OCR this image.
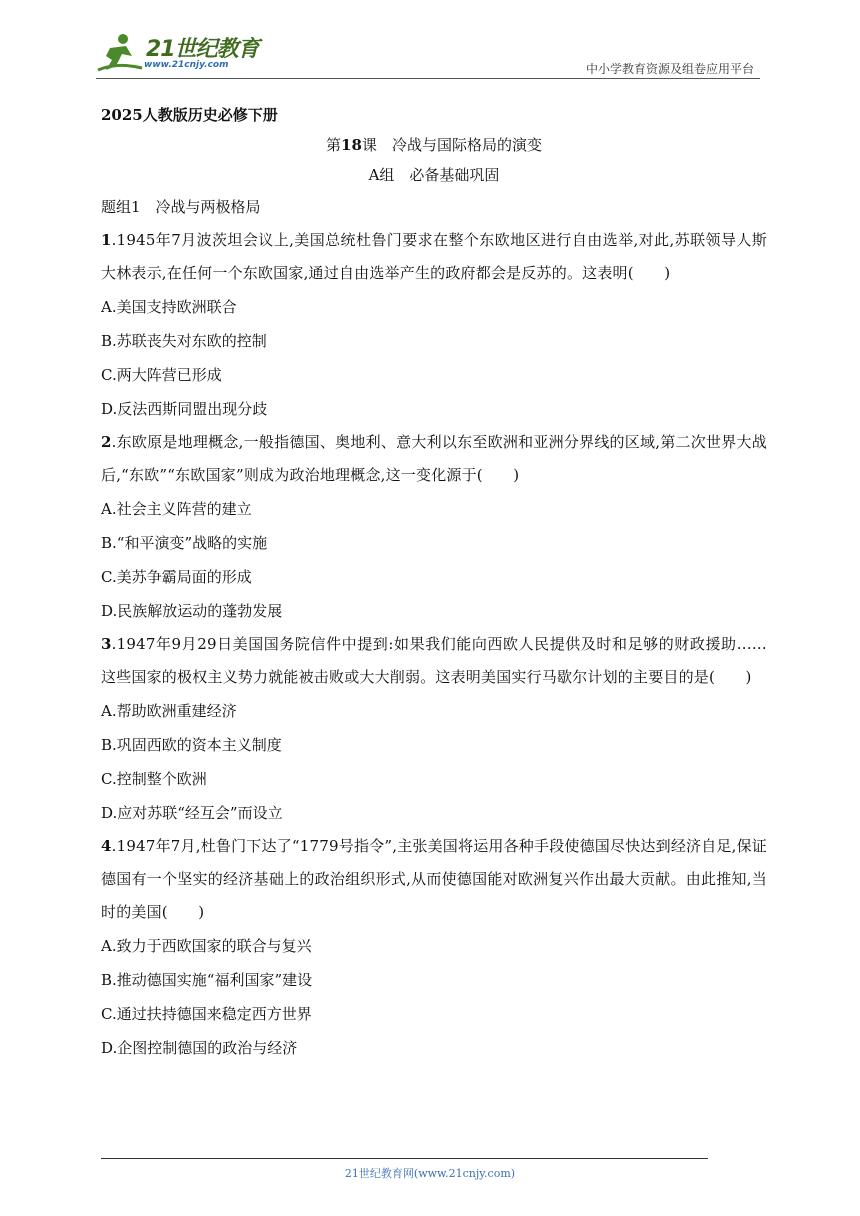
21世纪教育
www.21cnjy.com	中小学教育资源及组卷应用平台

2025人教版历史必修下册

第18课　 冷战与国际格局的演变

A组　必备基础巩固

题组1　冷战与两极格局

1.1945年7月波茨坦会议上,美国总统杜鲁门要求在整个东欧地区进行自由选举,对此,苏联领导人斯大林表示,在任何一个东欧国家,通过自由选举产生的政府都会是反苏的。这表明(　　)

A.美国支持欧洲联合

B.苏联丧失对东欧的控制

C.两大阵营已形成

D.反法西斯同盟出现分歧

2.东欧原是地理概念,一般指德国、奥地利、意大利以东至欧洲和亚洲分界线的区域,第二次世界大战后,“东欧”“东欧国家”则成为政治地理概念,这一变化源于(　　)

A.社会主义阵营的建立

B.“和平演变”战略的实施

C.美苏争霸局面的形成

D.民族解放运动的蓬勃发展

3.1947年9月29日美国国务院信件中提到:如果我们能向西欧人民提供及时和足够的财政援助……这些国家的极权主义势力就能被击败或大大削弱。这表明美国实行马歇尔计划的主要目的是(　　)

A.帮助欧洲重建经济

B.巩固西欧的资本主义制度

C.控制整个欧洲

D.应对苏联“经互会”而设立

4.1947年7月,杜鲁门下达了“1779号指令”,主张美国将运用各种手段使德国尽快达到经济自足,保证德国有一个坚实的经济基础上的政治组织形式,从而使德国能对欧洲复兴作出最大贡献。由此推知,当时的美国(　　)

A.致力于西欧国家的联合与复兴

B.推动德国实施“福利国家”建设

C.通过扶持德国来稳定西方世界

D.企图控制德国的政治与经济

21世纪教育网(www.21cnjy.com)
